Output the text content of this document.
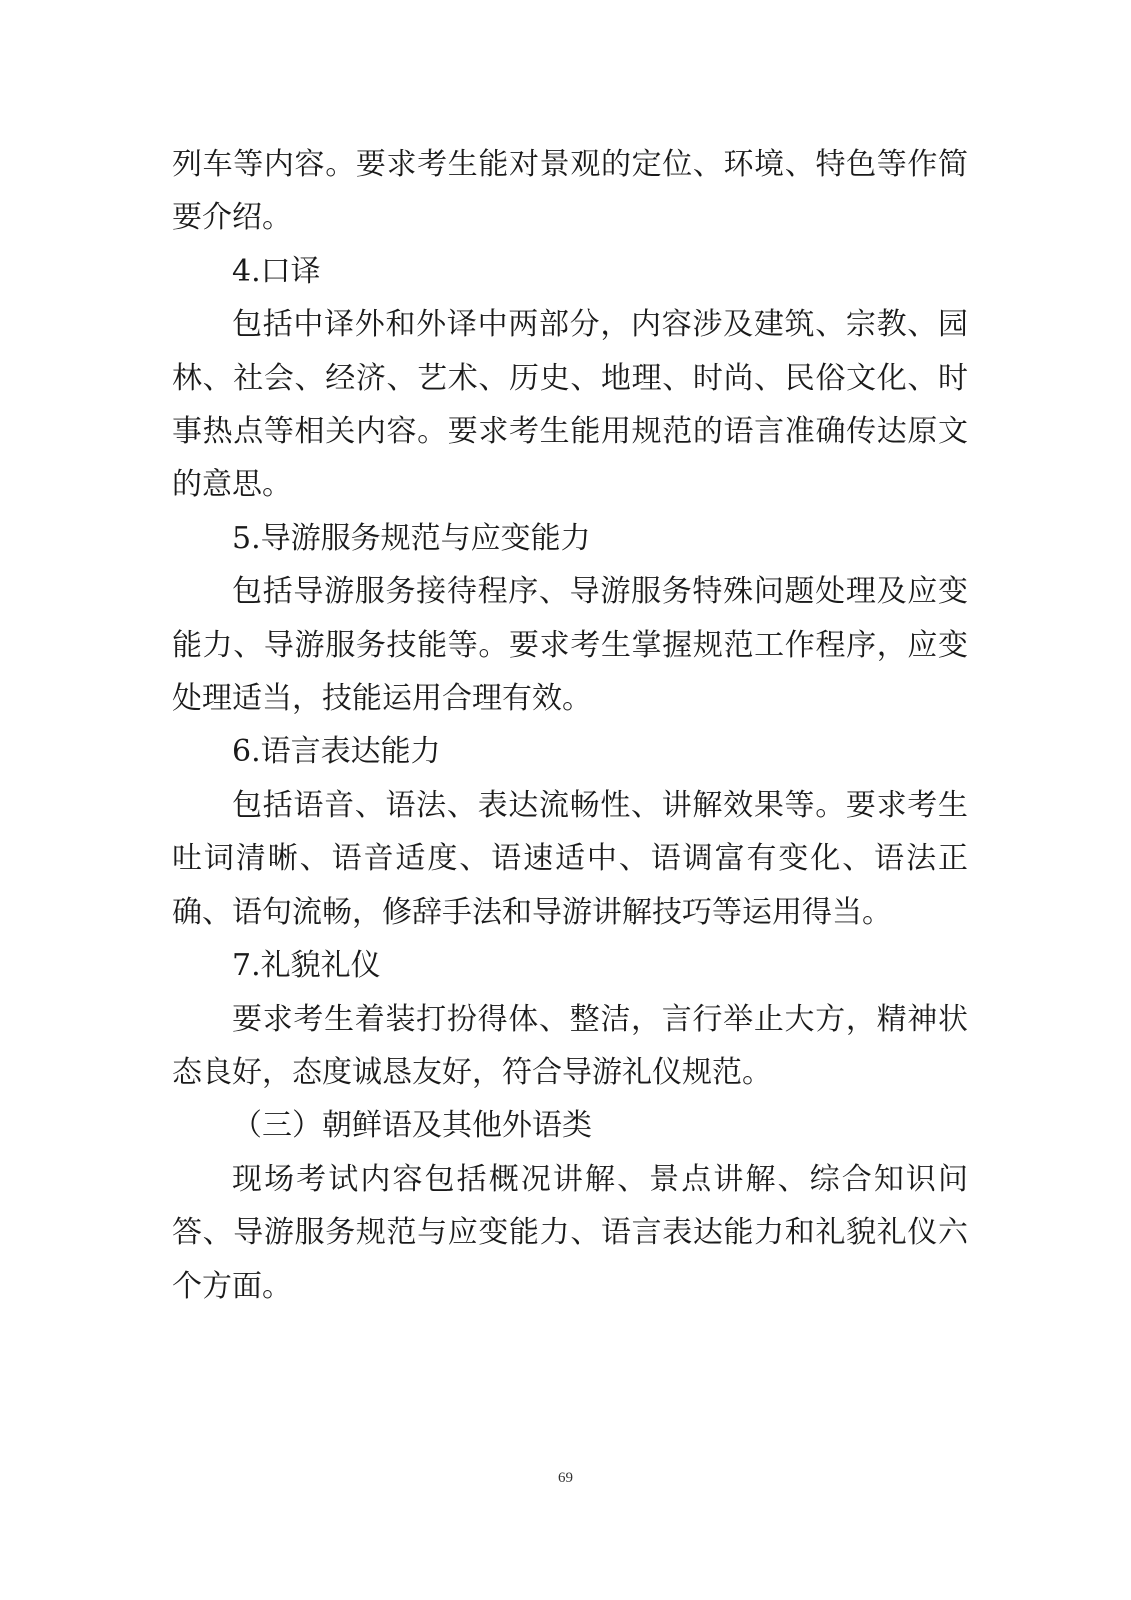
列车等内容。要求考生能对景观的定位、环境、特色等作简要介绍。

4.口译

包括中译外和外译中两部分，内容涉及建筑、宗教、园林、社会、经济、艺术、历史、地理、时尚、民俗文化、时事热点等相关内容。要求考生能用规范的语言准确传达原文的意思。

5.导游服务规范与应变能力

包括导游服务接待程序、导游服务特殊问题处理及应变能力、导游服务技能等。要求考生掌握规范工作程序，应变处理适当，技能运用合理有效。

6.语言表达能力

包括语音、语法、表达流畅性、讲解效果等。要求考生吐词清晰、语音适度、语速适中、语调富有变化、语法正确、语句流畅，修辞手法和导游讲解技巧等运用得当。

7.礼貌礼仪

要求考生着装打扮得体、整洁，言行举止大方，精神状态良好，态度诚恳友好，符合导游礼仪规范。

（三）朝鲜语及其他外语类

现场考试内容包括概况讲解、景点讲解、综合知识问答、导游服务规范与应变能力、语言表达能力和礼貌礼仪六个方面。

69
